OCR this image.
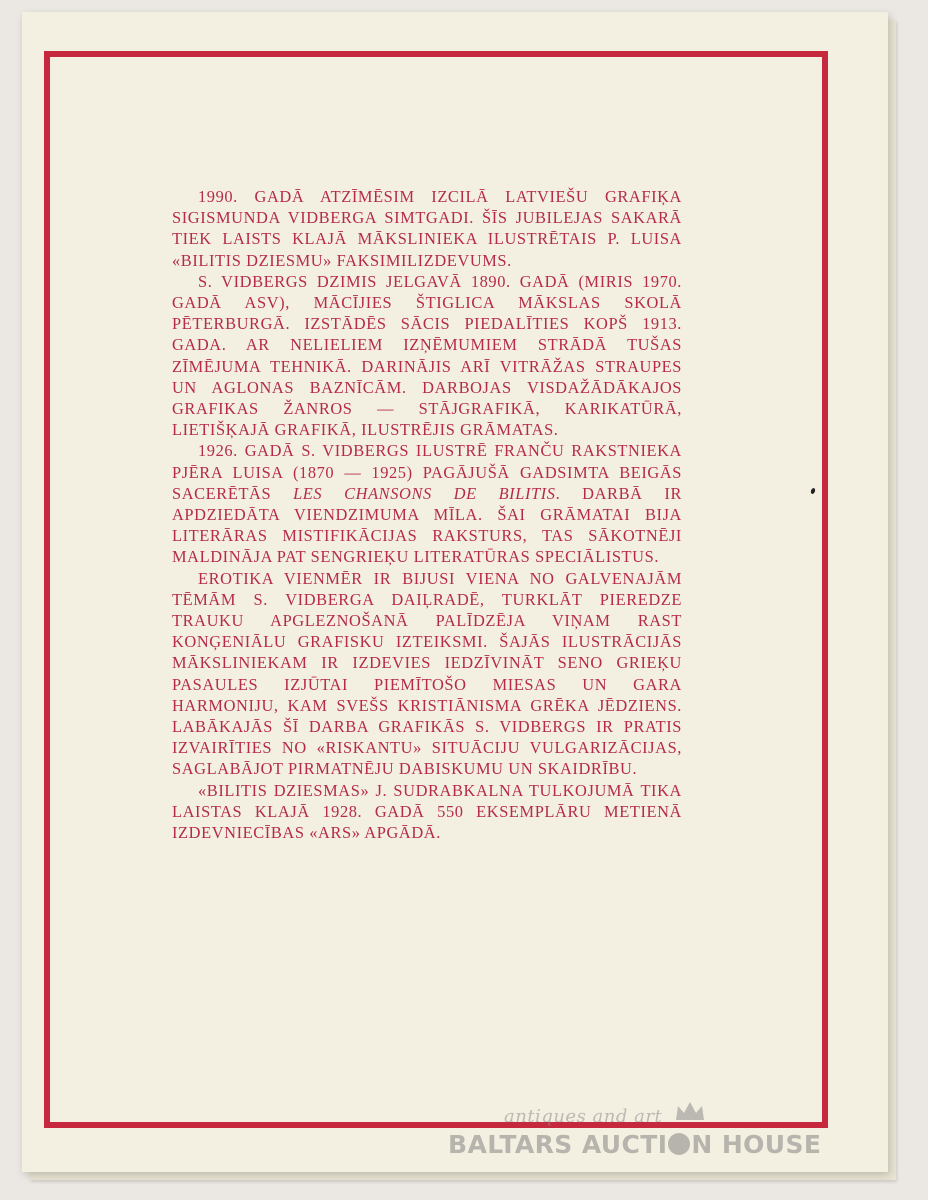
1990. GADĀ ATZĪMĒSIM IZCILĀ LATVIEŠU GRAFIĶA SIGISMUNDA VIDBERGA SIMTGADI. ŠĪS JUBILEJAS SAKARĀ TIEK LAISTS KLAJĀ MĀKSLINIEKA ILUSTRĒTAIS P. LUISA «BILITIS DZIESMU» FAKSIMILIZDEVUMS.

S. VIDBERGS DZIMIS JELGAVĀ 1890. GADĀ (MIRIS 1970. GADĀ ASV), MĀCĪJIES ŠTIGLICA MĀKSLAS SKOLĀ PĒTERBURGĀ. IZSTĀDĒS SĀCIS PIEDALĪTIES KOPŠ 1913. GADA. AR NELIELIEM IZŅĒMUMIEM STRĀDĀ TUŠAS ZĪMĒJUMA TEHNIKĀ. DARINĀJIS ARĪ VITRĀŽAS STRAUPES UN AGLONAS BAZNĪCĀM. DARBOJAS VISDAŽĀDĀKAJOS GRAFIKAS ŽANROS — STĀJGRAFIKĀ, KARIKATŪRĀ, LIETIŠĶAJĀ GRAFIKĀ, ILUSTRĒJIS GRĀMATAS.

1926. GADĀ S. VIDBERGS ILUSTRĒ FRANČU RAKSTNIEKA PJĒRA LUISA (1870 — 1925) PAGĀJUŠĀ GADSIMTA BEIGĀS SACERĒTĀS LES CHANSONS DE BILITIS. DARBĀ IR APDZIEDĀTA VIENDZIMUMA MĪLA. ŠAI GRĀMATAI BIJA LITERĀRAS MISTIFIKĀCIJAS RAKSTURS, TAS SĀKOTNĒJI MALDINĀJA PAT SENGRIEĶU LITERATŪRAS SPECIĀLISTUS.

EROTIKA VIENMĒR IR BIJUSI VIENA NO GALVENAJĀM TĒMĀM S. VIDBERGA DAIĻRADĒ, TURKLĀT PIEREDZE TRAUKU APGLEZNOŠANĀ PALĪDZĒJA VIŅAM RAST KONĢENIĀLU GRAFISKU IZTEIKSMI. ŠAJĀS ILUSTRĀCIJĀS MĀKSLINIEKAM IR IZDEVIES IEDZĪVINĀT SENO GRIEĶU PASAULES IZJŪTAI PIEMĪTOŠO MIESAS UN GARA HARMONIJU, KAM SVEŠS KRISTIĀNISMA GRĒKA JĒDZIENS. LABĀKAJĀS ŠĪ DARBA GRAFIKĀS S. VIDBERGS IR PRATIS IZVAIRĪTIES NO «RISKANTU» SITUĀCIJU VULGARIZĀCIJAS, SAGLABĀJOT PIRMATNĒJU DABISKUMU UN SKAIDRĪBU.

«BILITIS DZIESMAS» J. SUDRABKALNA TULKOJUMĀ TIKA LAISTAS KLAJĀ 1928. GADĀ 550 EKSEMPLĀRU METIENĀ IZDEVNIECĪBAS «ARS» APGĀDĀ.

antiques and art
BALTARS AUCTI N HOUSE
